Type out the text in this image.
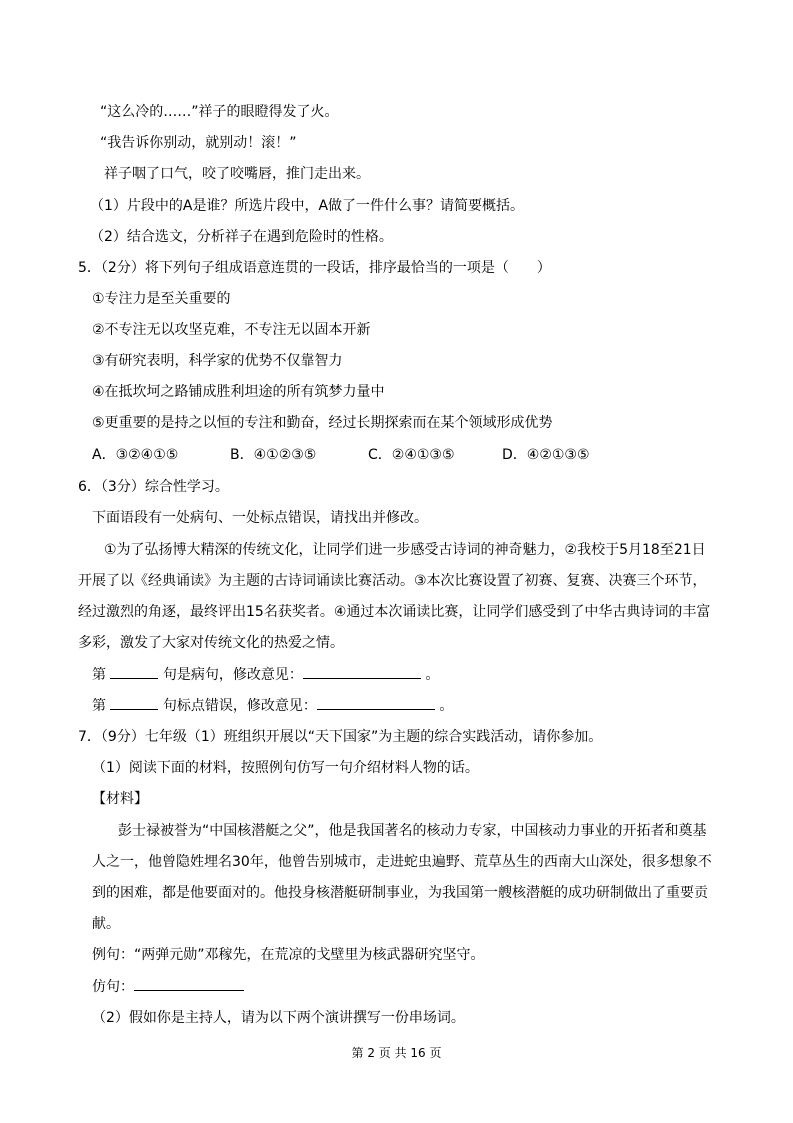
“这么冷的……”祥子的眼瞪得发了火。
“我告诉你别动，就别动！滚！”
祥子咽了口气，咬了咬嘴唇，推门走出来。
（1）片段中的A是谁？所选片段中，A做了一件什么事？请简要概括。
（2）结合选文，分析祥子在遇到危险时的性格。
5．（2分）将下列句子组成语意连贯的一段话，排序最恰当的一项是（　　）
①专注力是至关重要的
②不专注无以攻坚克难，不专注无以固本开新
③有研究表明，科学家的优势不仅靠智力
④在抵坎坷之路铺成胜利坦途的所有筑梦力量中
⑤更重要的是持之以恒的专注和勤奋，经过长期探索而在某个领域形成优势
A．③②④①⑤	B．④①②③⑤	C．②④①③⑤	D．④②①③⑤
6．（3分）综合性学习。
下面语段有一处病句、一处标点错误，请找出并修改。
①为了弘扬博大精深的传统文化，让同学们进一步感受古诗词的神奇魅力，②我校于5月18至21日
开展了以《经典诵读》为主题的古诗词诵读比赛活动。③本次比赛设置了初赛、复赛、决赛三个环节，
经过激烈的角逐，最终评出15名获奖者。④通过本次诵读比赛，让同学们感受到了中华古典诗词的丰富
多彩，激发了大家对传统文化的热爱之情。
第	句是病句，修改意见：	。
第	句标点错误，修改意见：	。
7．（9分）七年级（1）班组织开展以“天下国家”为主题的综合实践活动，请你参加。
（1）阅读下面的材料，按照例句仿写一句介绍材料人物的话。
【材料】
彭士禄被誉为“中国核潜艇之父”，他是我国著名的核动力专家，中国核动力事业的开拓者和奠基
人之一，他曾隐姓埋名30年，他曾告别城市，走进蛇虫遍野、荒草丛生的西南大山深处，很多想象不
到的困难，都是他要面对的。他投身核潜艇研制事业，为我国第一艘核潜艇的成功研制做出了重要贡
献。
例句：“两弹元勋”邓稼先，在荒凉的戈壁里为核武器研究坚守。
仿句：
（2）假如你是主持人，请为以下两个演讲撰写一份串场词。
第 2 页 共 16 页
